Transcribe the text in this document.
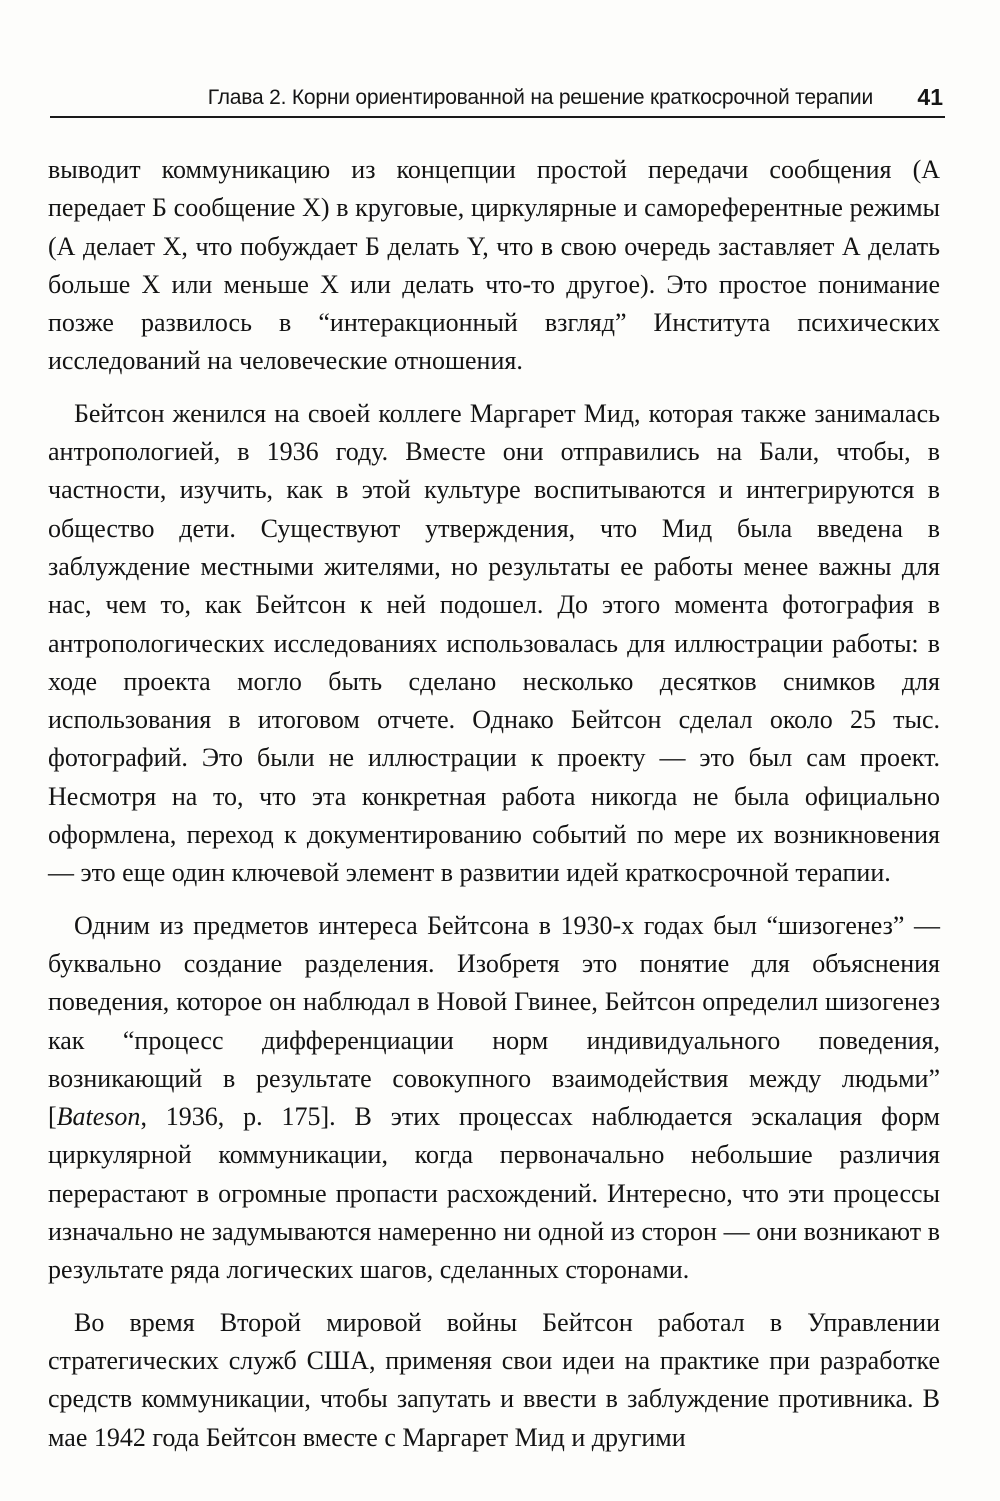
Глава 2. Корни ориентированной на решение краткосрочной терапии 41

выводит коммуникацию из концепции простой передачи сообщения (А передает Б сообщение X) в круговые, циркулярные и самореферентные режимы (А делает X, что побуждает Б делать Y, что в свою очередь заставляет А делать больше X или меньше X или делать что-то другое). Это простое понимание позже развилось в “интеракционный взгляд” Института психических исследований на человеческие отношения.

Бейтсон женился на своей коллеге Маргарет Мид, которая также занималась антропологией, в 1936 году. Вместе они отправились на Бали, чтобы, в частности, изучить, как в этой культуре воспитываются и интегрируются в общество дети. Существуют утверждения, что Мид была введена в заблуждение местными жителями, но результаты ее работы менее важны для нас, чем то, как Бейтсон к ней подошел. До этого момента фотография в антропологических исследованиях использовалась для иллюстрации работы: в ходе проекта могло быть сделано несколько десятков снимков для использования в итоговом отчете. Однако Бейтсон сделал около 25 тыс. фотографий. Это были не иллюстрации к проекту — это был сам проект. Несмотря на то, что эта конкретная работа никогда не была официально оформлена, переход к документированию событий по мере их возникновения — это еще один ключевой элемент в развитии идей краткосрочной терапии.

Одним из предметов интереса Бейтсона в 1930-х годах был “шизогенез” — буквально создание разделения. Изобретя это понятие для объяснения поведения, которое он наблюдал в Новой Гвинее, Бейтсон определил шизогенез как “процесс дифференциации норм индивидуального поведения, возникающий в результате совокупного взаимодействия между людьми” [Bateson, 1936, p. 175]. В этих процессах наблюдается эскалация форм циркулярной коммуникации, когда первоначально небольшие различия перерастают в огромные пропасти расхождений. Интересно, что эти процессы изначально не задумываются намеренно ни одной из сторон — они возникают в результате ряда логических шагов, сделанных сторонами.

Во время Второй мировой войны Бейтсон работал в Управлении стратегических служб США, применяя свои идеи на практике при разработке средств коммуникации, чтобы запутать и ввести в заблуждение противника. В мае 1942 года Бейтсон вместе с Маргарет Мид и другими
